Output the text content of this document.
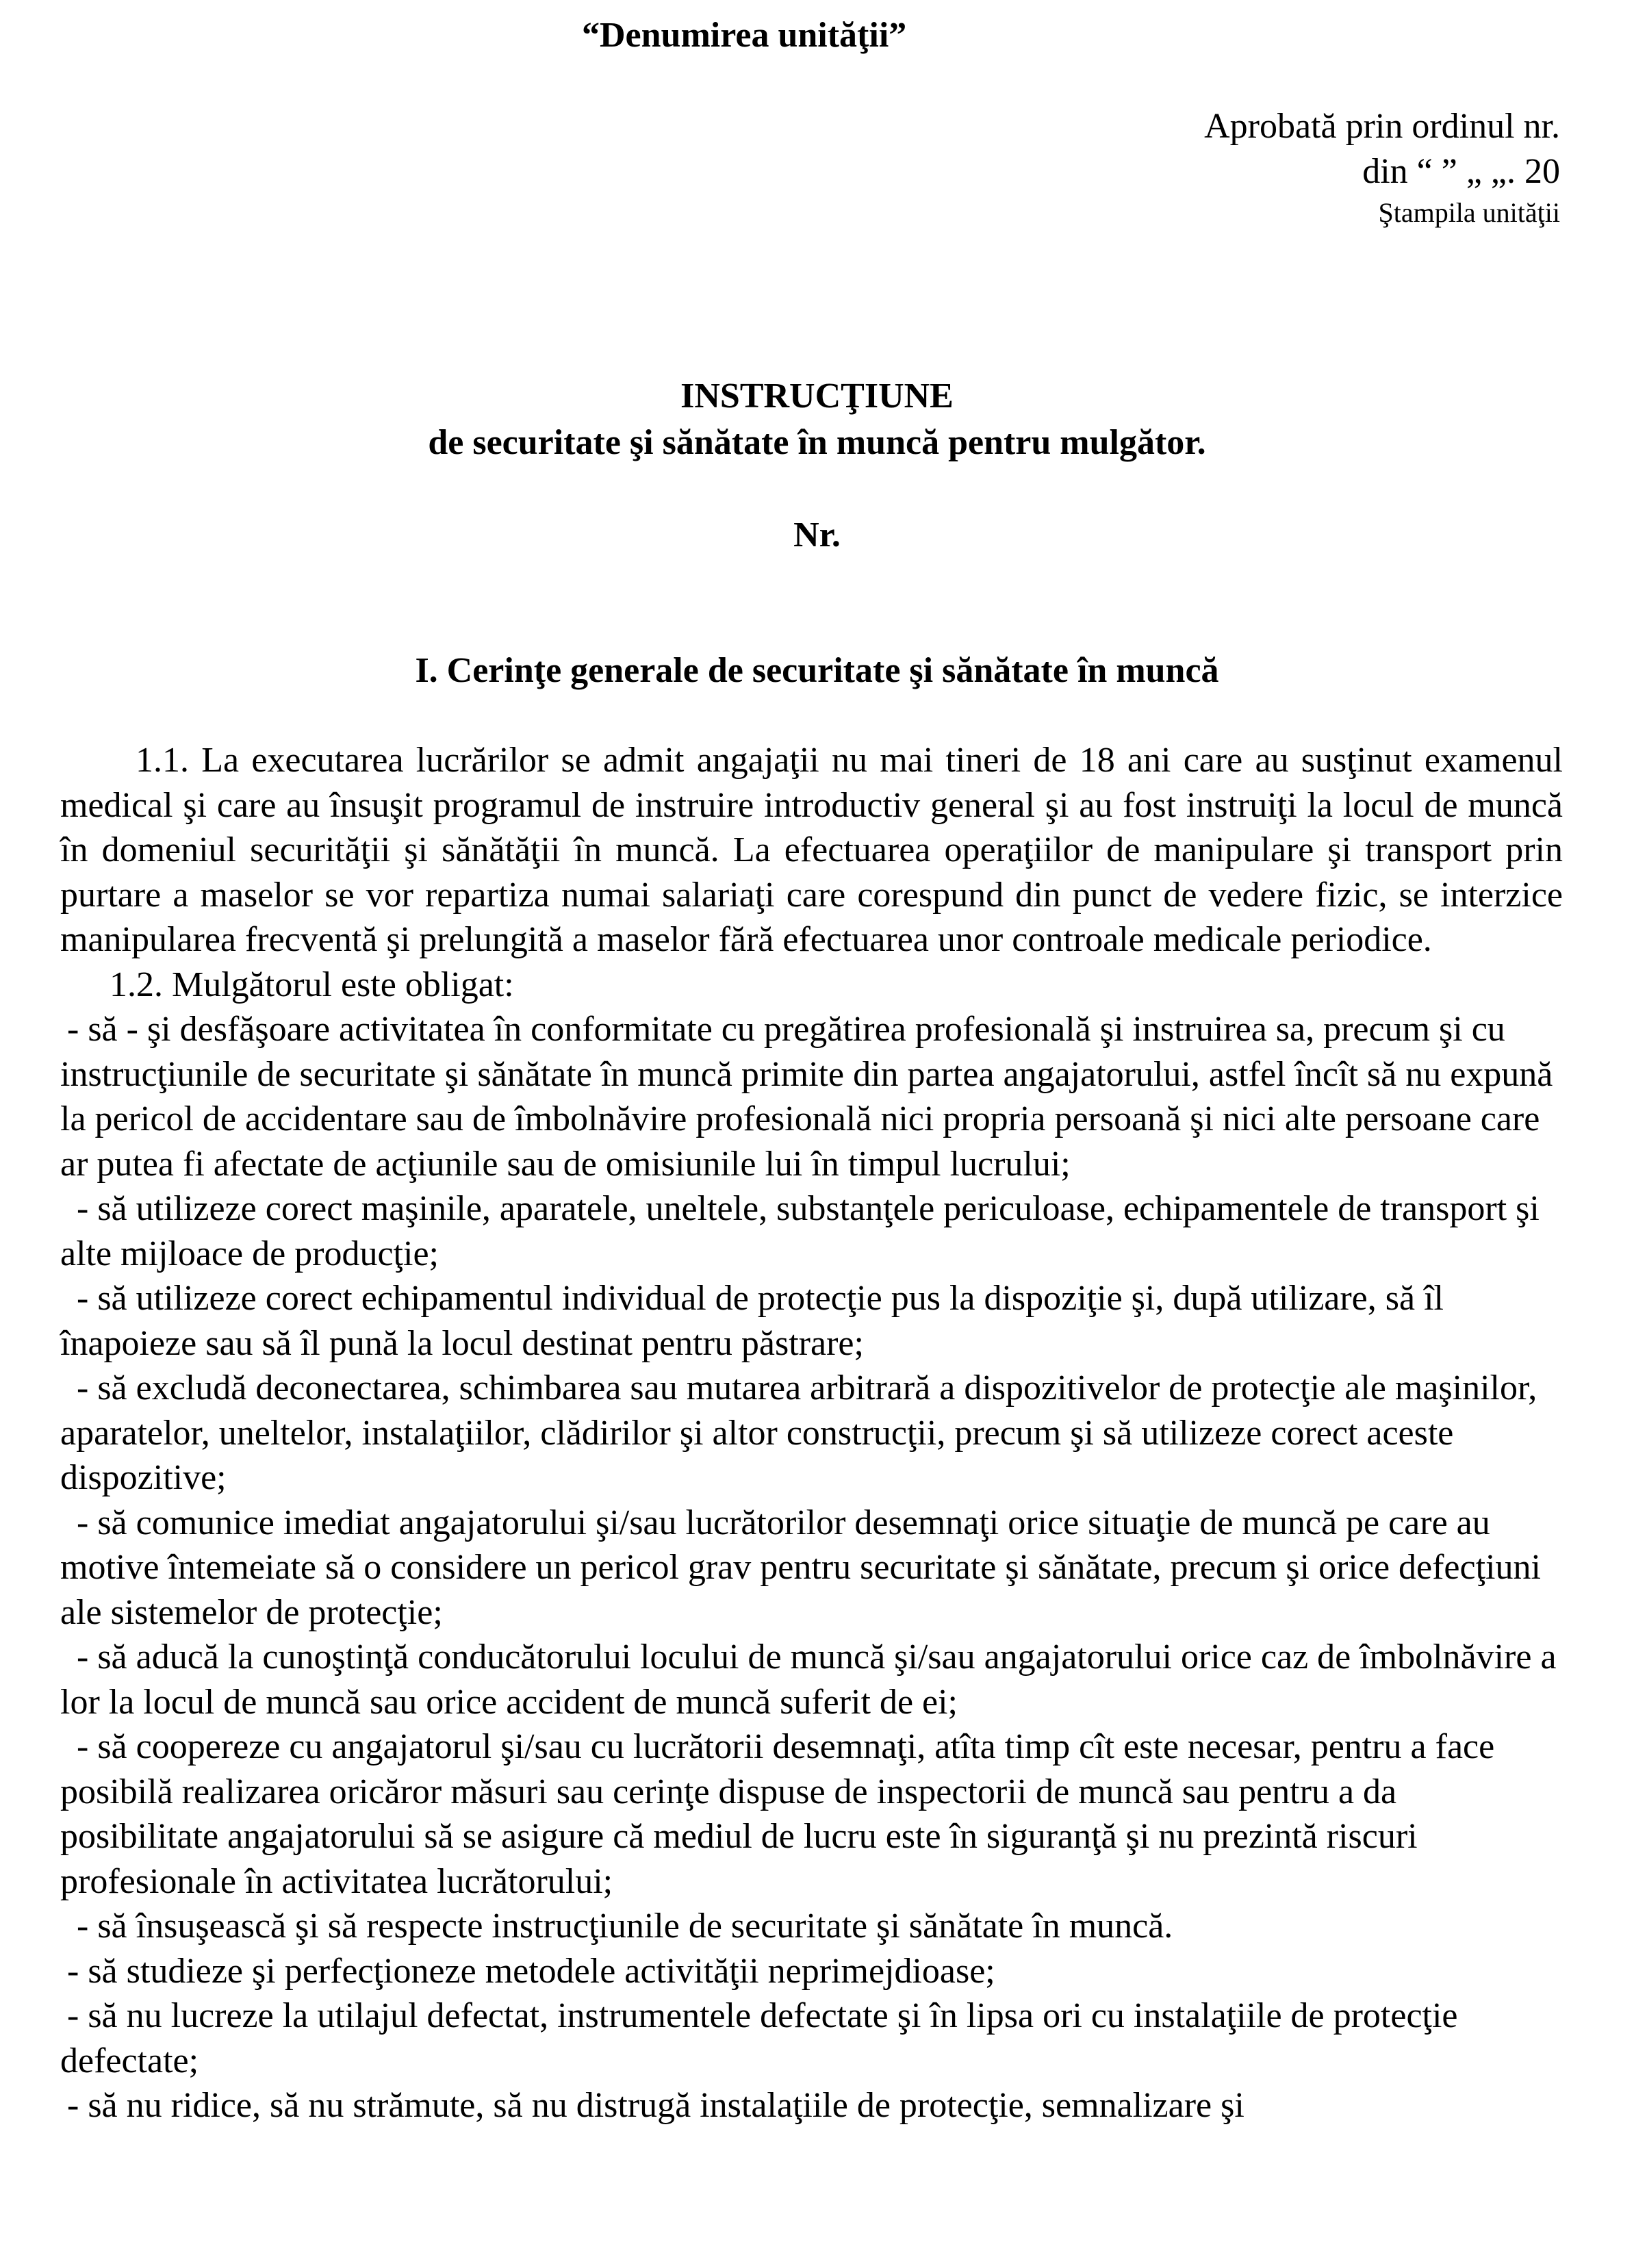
“Denumirea unităţii”
Aprobată prin ordinul nr.
din “ ” „ „. 20
Ştampila unităţii
INSTRUCŢIUNE
de securitate şi sănătate în muncă pentru mulgător.
Nr.
I. Cerinţe generale de securitate şi sănătate în muncă

1.1. La executarea lucrărilor se admit angajaţii nu mai tineri de 18 ani care au susţinut examenul medical şi care au însuşit programul de instruire introductiv general şi au fost instruiţi la locul de muncă în domeniul securităţii şi sănătăţii în muncă. La efectuarea operaţiilor de manipulare şi transport prin purtare a maselor se vor repartiza numai salariaţi care corespund din punct de vedere fizic, se interzice manipularea frecventă şi prelungită a maselor fără efectuarea unor controale medicale periodice.

1.2. Mulgătorul este obligat:

- să - şi desfăşoare activitatea în conformitate cu pregătirea profesională şi instruirea sa, precum şi cu instrucţiunile de securitate şi sănătate în muncă primite din partea angajatorului, astfel încît să nu expună la pericol de accidentare sau de îmbolnăvire profesională nici propria persoană şi nici alte persoane care ar putea fi afectate de acţiunile sau de omisiunile lui în timpul lucrului;

- să utilizeze corect maşinile, aparatele, uneltele, substanţele periculoase, echipamentele de transport şi alte mijloace de producţie;

- să utilizeze corect echipamentul individual de protecţie pus la dispoziţie şi, după utilizare, să îl înapoieze sau să îl pună la locul destinat pentru păstrare;

- să excludă deconectarea, schimbarea sau mutarea arbitrară a dispozitivelor de protecţie ale maşinilor, aparatelor, uneltelor, instalaţiilor, clădirilor şi altor construcţii, precum şi să utilizeze corect aceste dispozitive;

- să comunice imediat angajatorului şi/sau lucrătorilor desemnaţi orice situaţie de muncă pe care au motive întemeiate să o considere un pericol grav pentru securitate şi sănătate, precum şi orice defecţiuni ale sistemelor de protecţie;

- să aducă la cunoştinţă conducătorului locului de muncă şi/sau angajatorului orice caz de îmbolnăvire a lor la locul de muncă sau orice accident de muncă suferit de ei;

- să coopereze cu angajatorul şi/sau cu lucrătorii desemnaţi, atîta timp cît este necesar, pentru a face posibilă realizarea oricăror măsuri sau cerinţe dispuse de inspectorii de muncă sau pentru a da posibilitate angajatorului să se asigure că mediul de lucru este în siguranţă şi nu prezintă riscuri profesionale în activitatea lucrătorului;

- să însuşească şi să respecte instrucţiunile de securitate şi sănătate în muncă.

- să studieze şi perfecţioneze metodele activităţii neprimejdioase;

- să nu lucreze la utilajul defectat, instrumentele defectate şi în lipsa ori cu instalaţiile de protecţie defectate;

- să nu ridice, să nu strămute, să nu distrugă instalaţiile de protecţie, semnalizare şi
